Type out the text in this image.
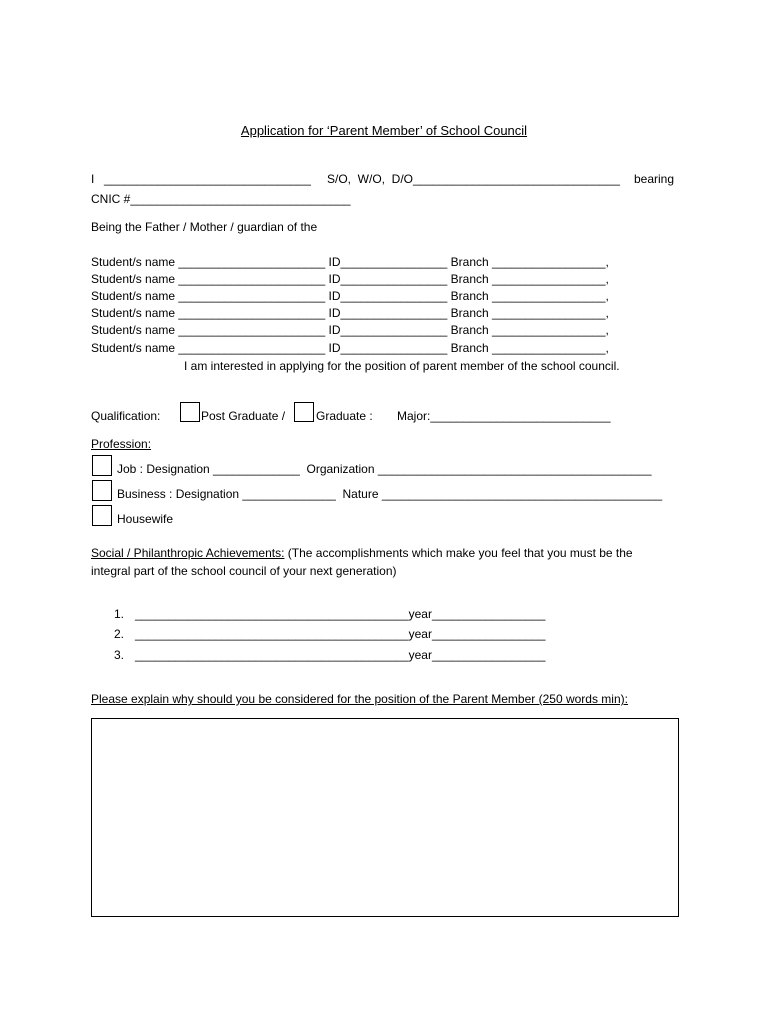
Application for ‘Parent Member’ of School Council
I _______________________________ S/O,  W/O,  D/O_______________________________ bearing
CNIC #_________________________________
Being the Father / Mother / guardian of the
Student/s name ______________________ ID________________ Branch _________________,
Student/s name ______________________ ID________________ Branch _________________,
Student/s name ______________________ ID________________ Branch _________________,
Student/s name ______________________ ID________________ Branch _________________,
Student/s name ______________________ ID________________ Branch _________________,
Student/s name ______________________ ID________________ Branch _________________,
I am interested in applying for the position of parent member of the school council.
Qualification:	Post Graduate /	Graduate : Major:___________________________
Profession:
Job : Designation _____________  Organization _________________________________________
Business : Designation ______________  Nature __________________________________________
Housewife
Social / Philanthropic Achievements: (The accomplishments which make you feel that you must be the
integral part of the school council of your next generation)
1. _________________________________________year_________________
2. _________________________________________year_________________
3. _________________________________________year_________________
Please explain why should you be considered for the position of the Parent Member (250 words min):
